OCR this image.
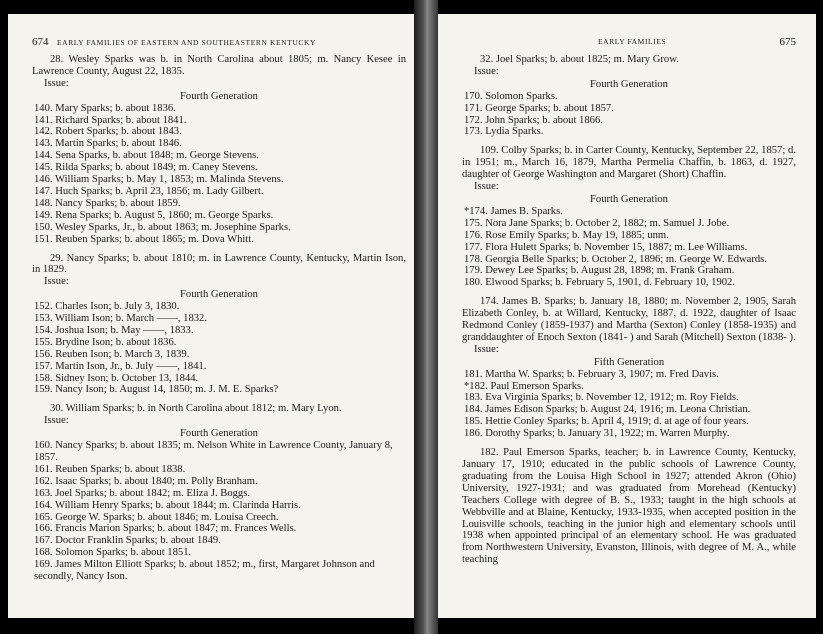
674 EARLY FAMILIES OF EASTERN AND SOUTHEASTERN KENTUCKY

28. Wesley Sparks was b. in North Carolina about 1805; m. Nancy Kesee in Lawrence County, August 22, 1835.

Issue:

Fourth Generation

140. Mary Sparks; b. about 1836.

141. Richard Sparks; b. about 1841.

142. Robert Sparks; b. about 1843.

143. Martin Sparks; b. about 1846.

144. Sena Sparks, b. about 1848; m. George Stevens.

145. Rilda Sparks; b. about 1849; m. Caney Stevens.

146. William Sparks; b. May 1, 1853; m. Malinda Stevens.

147. Huch Sparks; b. April 23, 1856; m. Lady Gilbert.

148. Nancy Sparks; b. about 1859.

149. Rena Sparks; b. August 5, 1860; m. George Sparks.

150. Wesley Sparks, Jr., b. about 1863; m. Josephine Sparks.

151. Reuben Sparks; b. about 1865; m. Dova Whitt.

29. Nancy Sparks; b. about 1810; m. in Lawrence County, Kentucky, Martin Ison, in 1829.

Issue:

Fourth Generation

152. Charles Ison; b. July 3, 1830.

153. William Ison; b. March ——, 1832.

154. Joshua Ison; b. May ——, 1833.

155. Brydine Ison; b. about 1836.

156. Reuben Ison; b. March 3, 1839.

157. Martin Ison, Jr., b. July ——, 1841.

158. Sidney Ison; b. October 13, 1844.

159. Nancy Ison; b. August 14, 1850; m. J. M. E. Sparks?

30. William Sparks; b. in North Carolina about 1812; m. Mary Lyon.

Issue:

Fourth Generation

160. Nancy Sparks; b. about 1835; m. Nelson White in Lawrence County, January 8, 1857.

161. Reuben Sparks; b. about 1838.

162. Isaac Sparks; b. about 1840; m. Polly Branham.

163. Joel Sparks; b. about 1842; m. Eliza J. Boggs.

164. William Henry Sparks; b. about 1844; m. Clarinda Harris.

165. George W. Sparks; b. about 1846; m. Louisa Creech.

166. Francis Marion Sparks; b. about 1847; m. Frances Wells.

167. Doctor Franklin Sparks; b. about 1849.

168. Solomon Sparks; b. about 1851.

169. James Milton Elliott Sparks; b. about 1852; m., first, Margaret Johnson and secondly, Nancy Ison.

EARLY FAMILIES	675

32. Joel Sparks; b. about 1825; m. Mary Grow.

Issue:

Fourth Generation

170. Solomon Sparks.

171. George Sparks; b. about 1857.

172. John Sparks; b. about 1866.

173. Lydia Sparks.

109. Colby Sparks; b. in Carter County, Kentucky, September 22, 1857; d. in 1951; m., March 16, 1879, Martha Permelia Chaffin, b. 1863, d. 1927, daughter of George Washington and Margaret (Short) Chaffin.

Issue:

Fourth Generation

*174. James B. Sparks.

175. Nora Jane Sparks; b. October 2, 1882; m. Samuel J. Jobe.

176. Rose Emily Sparks; b. May 19, 1885; unm.

177. Flora Hulett Sparks; b. November 15, 1887; m. Lee Williams.

178. Georgia Belle Sparks; b. October 2, 1896; m. George W. Edwards.

179. Dewey Lee Sparks; b. August 28, 1898; m. Frank Graham.

180. Elwood Sparks; b. February 5, 1901, d. February 10, 1902.

174. James B. Sparks; b. January 18, 1880; m. November 2, 1905, Sarah Elizabeth Conley, b. at Willard, Kentucky, 1887, d. 1922, daughter of Isaac Redmond Conley (1859-1937) and Martha (Sexton) Conley (1858-1935) and granddaughter of Enoch Sexton (1841- ) and Sarah (Mitchell) Sexton (1838- ).

Issue:

Fifth Generation

181. Martha W. Sparks; b. February 3, 1907; m. Fred Davis.

*182. Paul Emerson Sparks.

183. Eva Virginia Sparks; b. November 12, 1912; m. Roy Fields.

184. James Edison Sparks; b. August 24, 1916; m. Leona Christian.

185. Hettie Conley Sparks; b. April 4, 1919; d. at age of four years.

186. Dorothy Sparks; b. January 31, 1922; m. Warren Murphy.

182. Paul Emerson Sparks, teacher; b. in Lawrence County, Kentucky, January 17, 1910; educated in the public schools of Lawrence County, graduating from the Louisa High School in 1927; attended Akron (Ohio) University, 1927-1931; and was graduated from Morehead (Kentucky) Teachers College with degree of B. S., 1933; taught in the high schools at Webbville and at Blaine, Kentucky, 1933-1935, when accepted position in the Louisville schools, teaching in the junior high and elementary schools until 1938 when appointed principal of an elementary school. He was graduated from Northwestern University, Evanston, Illinois, with degree of M. A., while teaching
